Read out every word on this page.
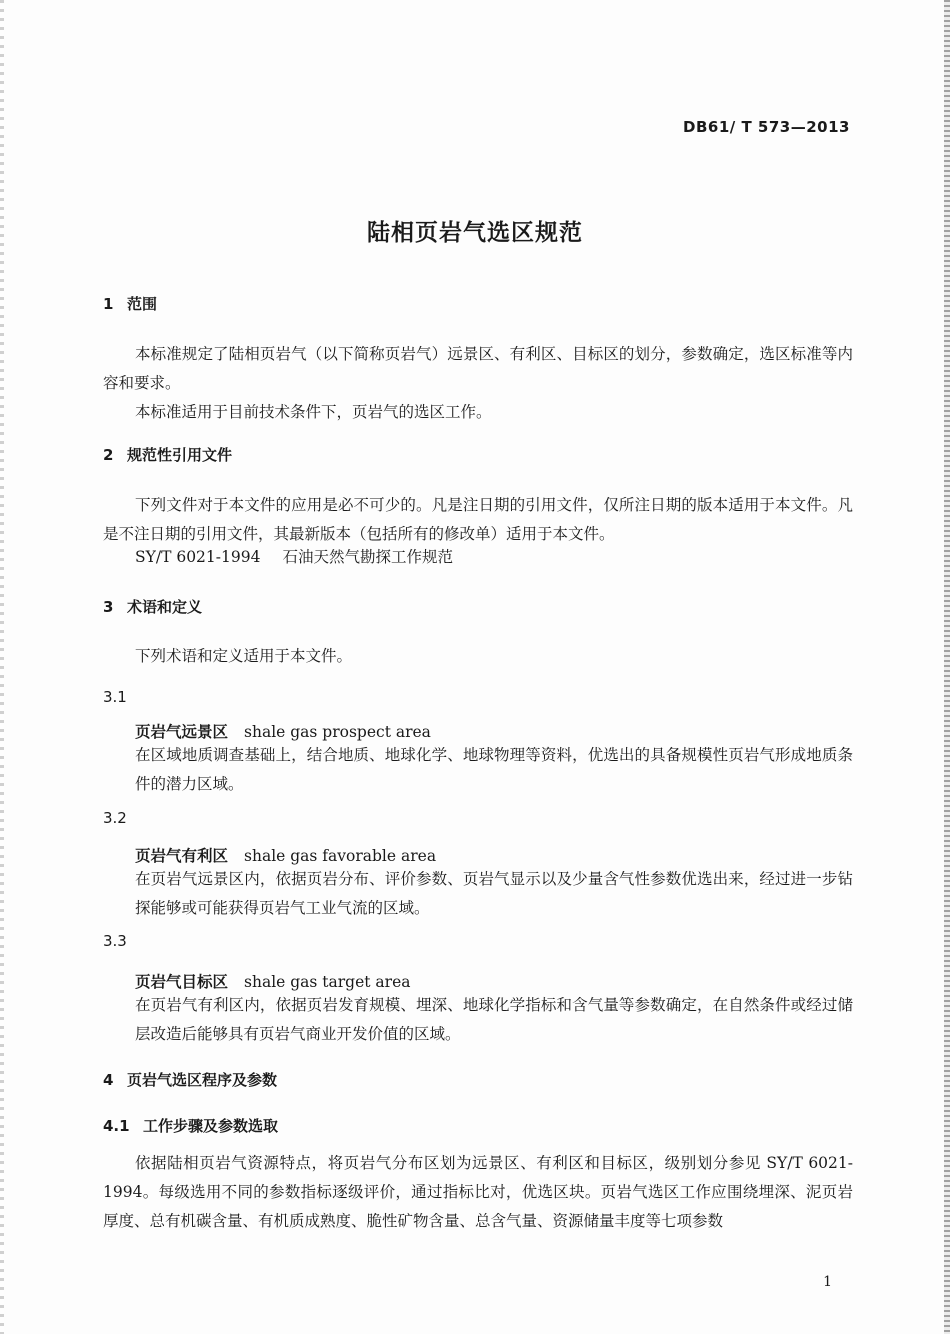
DB61/ T 573—2013
陆相页岩气选区规范
1 范围
本标准规定了陆相页岩气（以下简称页岩气）远景区、有利区、目标区的划分，参数确定，选区标准等内容和要求。
本标准适用于目前技术条件下，页岩气的选区工作。
2 规范性引用文件
下列文件对于本文件的应用是必不可少的。凡是注日期的引用文件，仅所注日期的版本适用于本文件。凡是不注日期的引用文件，其最新版本（包括所有的修改单）适用于本文件。
SY/T 6021-1994 石油天然气勘探工作规范
3 术语和定义
下列术语和定义适用于本文件。
3.1
页岩气远景区 shale gas prospect area
在区域地质调查基础上，结合地质、地球化学、地球物理等资料，优选出的具备规模性页岩气形成地质条件的潜力区域。
3.2
页岩气有利区 shale gas favorable area
在页岩气远景区内，依据页岩分布、评价参数、页岩气显示以及少量含气性参数优选出来，经过进一步钻探能够或可能获得页岩气工业气流的区域。
3.3
页岩气目标区 shale gas target area
在页岩气有利区内，依据页岩发育规模、埋深、地球化学指标和含气量等参数确定，在自然条件或经过储层改造后能够具有页岩气商业开发价值的区域。
4 页岩气选区程序及参数
4.1 工作步骤及参数选取
依据陆相页岩气资源特点，将页岩气分布区划为远景区、有利区和目标区，级别划分参见 SY/T 6021-1994。每级选用不同的参数指标逐级评价，通过指标比对，优选区块。页岩气选区工作应围绕埋深、泥页岩厚度、总有机碳含量、有机质成熟度、脆性矿物含量、总含气量、资源储量丰度等七项参数
1
